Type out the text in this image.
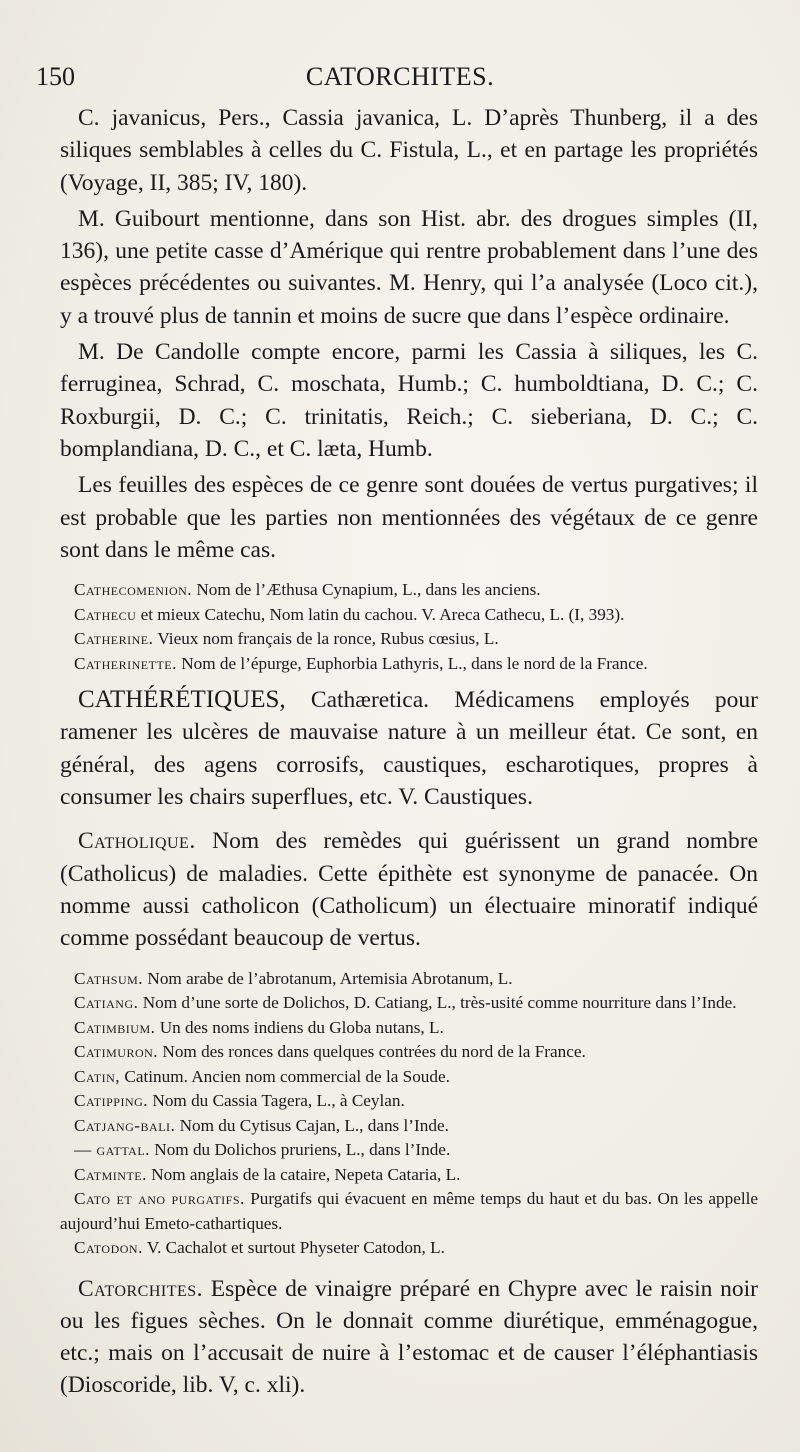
150	CATORCHITES.

C. javanicus, Pers., Cassia javanica, L. D’après Thunberg, il a des siliques semblables à celles du C. Fistula, L., et en partage les propriétés (Voyage, II, 385; IV, 180).

M. Guibourt mentionne, dans son Hist. abr. des drogues simples (II, 136), une petite casse d’Amérique qui rentre probablement dans l’une des espèces précédentes ou suivantes. M. Henry, qui l’a analysée (Loco cit.), y a trouvé plus de tannin et moins de sucre que dans l’espèce ordinaire.

M. De Candolle compte encore, parmi les Cassia à siliques, les C. ferruginea, Schrad, C. moschata, Humb.; C. humboldtiana, D. C.; C. Roxburgii, D. C.; C. trinitatis, Reich.; C. sieberiana, D. C.; C. bomplandiana, D. C., et C. læta, Humb.

Les feuilles des espèces de ce genre sont douées de vertus purgatives; il est probable que les parties non mentionnées des végétaux de ce genre sont dans le même cas.

Cathecomenion. Nom de l’Æthusa Cynapium, L., dans les anciens.

Cathecu et mieux Catechu, Nom latin du cachou. V. Areca Cathecu, L. (I, 393).

Catherine. Vieux nom français de la ronce, Rubus cœsius, L.

Catherinette. Nom de l’épurge, Euphorbia Lathyris, L., dans le nord de la France.

CATHÉRÉTIQUES, Cathæretica. Médicamens employés pour ramener les ulcères de mauvaise nature à un meilleur état. Ce sont, en général, des agens corrosifs, caustiques, escharotiques, propres à consumer les chairs superflues, etc. V. Caustiques.

Catholique. Nom des remèdes qui guérissent un grand nombre (Catholicus) de maladies. Cette épithète est synonyme de panacée. On nomme aussi catholicon (Catholicum) un électuaire minoratif indiqué comme possédant beaucoup de vertus.

Cathsum. Nom arabe de l’abrotanum, Artemisia Abrotanum, L.

Catiang. Nom d’une sorte de Dolichos, D. Catiang, L., très-usité comme nourriture dans l’Inde.

Catimbium. Un des noms indiens du Globa nutans, L.

Catimuron. Nom des ronces dans quelques contrées du nord de la France.

Catin, Catinum. Ancien nom commercial de la Soude.

Catipping. Nom du Cassia Tagera, L., à Ceylan.

Catjang-bali. Nom du Cytisus Cajan, L., dans l’Inde.

— gattal. Nom du Dolichos pruriens, L., dans l’Inde.

Catminte. Nom anglais de la cataire, Nepeta Cataria, L.

Cato et ano purgatifs. Purgatifs qui évacuent en même temps du haut et du bas. On les appelle aujourd’hui Emeto-cathartiques.

Catodon. V. Cachalot et surtout Physeter Catodon, L.

Catorchites. Espèce de vinaigre préparé en Chypre avec le raisin noir ou les figues sèches. On le donnait comme diurétique, emménagogue, etc.; mais on l’accusait de nuire à l’estomac et de causer l’éléphantiasis (Dioscoride, lib. V, c. xli).
